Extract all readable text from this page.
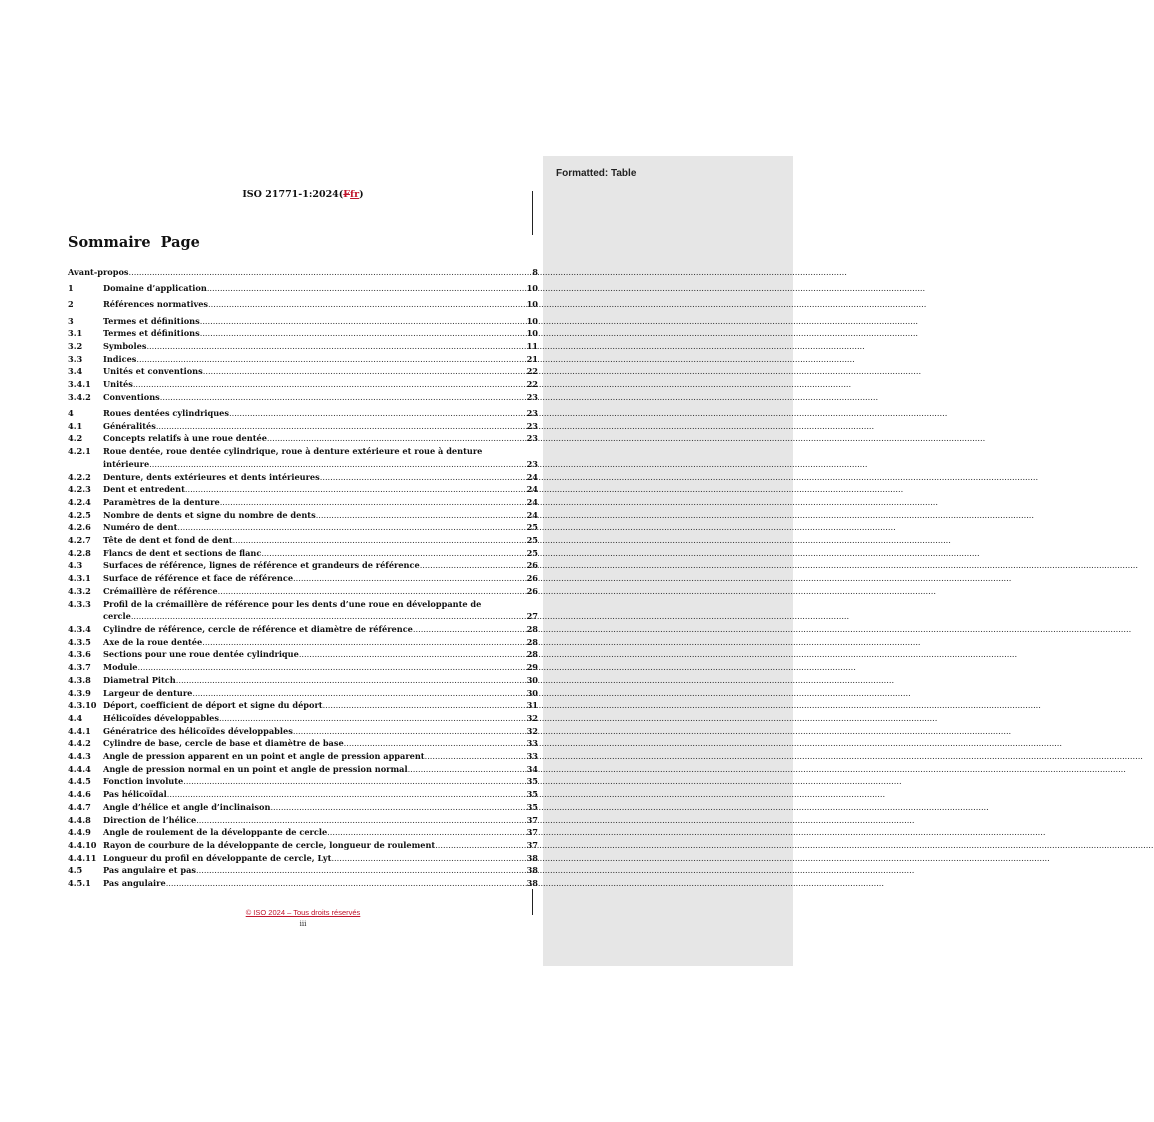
Formatted: Table
ISO 21771-1:2024(Ffr)
Sommaire Page
Avant-propos .....	8
1	Domaine d’application .....	10
2	Références normatives .....	10
3	Termes et définitions .....	10
3.1	Termes et définitions .....	10
3.2	Symboles .....	11
3.3	Indices .....	21
3.4	Unités et conventions .....	22
3.4.1	Unités .....	22
3.4.2	Conventions .....	23
4	Roues dentées cylindriques .....	23
4.1	Généralités .....	23
4.2	Concepts relatifs à une roue dentée .....	23
4.2.1	Roue dentée, roue dentée cylindrique, roue à denture extérieure et roue à denture
intérieure .....	23
4.2.2	Denture, dents extérieures et dents intérieures .....	24
4.2.3	Dent et entredent .....	24
4.2.4	Paramètres de la denture .....	24
4.2.5	Nombre de dents et signe du nombre de dents .....	24
4.2.6	Numéro de dent .....	25
4.2.7	Tête de dent et fond de dent .....	25
4.2.8	Flancs de dent et sections de flanc .....	25
4.3	Surfaces de référence, lignes de référence et grandeurs de référence .....	26
4.3.1	Surface de référence et face de référence .....	26
4.3.2	Crémaillère de référence .....	26
4.3.3	Profil de la crémaillère de référence pour les dents d’une roue en développante de
cercle .....	27
4.3.4	Cylindre de référence, cercle de référence et diamètre de référence .....	28
4.3.5	Axe de la roue dentée .....	28
4.3.6	Sections pour une roue dentée cylindrique .....	28
4.3.7	Module .....	29
4.3.8	Diametral Pitch .....	30
4.3.9	Largeur de denture .....	30
4.3.10 Déport, coefficient de déport et signe du déport .....	31
4.4	Hélicoïdes développables .....	32
4.4.1	Génératrice des hélicoïdes développables .....	32
4.4.2	Cylindre de base, cercle de base et diamètre de base .....	33
4.4.3	Angle de pression apparent en un point et angle de pression apparent .....	33
4.4.4	Angle de pression normal en un point et angle de pression normal .....	34
4.4.5	Fonction involute .....	35
4.4.6	Pas hélicoïdal .....	35
4.4.7	Angle d’hélice et angle d’inclinaison .....	35
4.4.8	Direction de l’hélice .....	37
4.4.9	Angle de roulement de la développante de cercle .....	37
4.4.10 Rayon de courbure de la développante de cercle, longueur de roulement .....	37
4.4.11 Longueur du profil en développante de cercle, Lyt .....	38
4.5	Pas angulaire et pas .....	38
4.5.1	Pas angulaire .....	38
© ISO 2024 – Tous droits réservés
iii
